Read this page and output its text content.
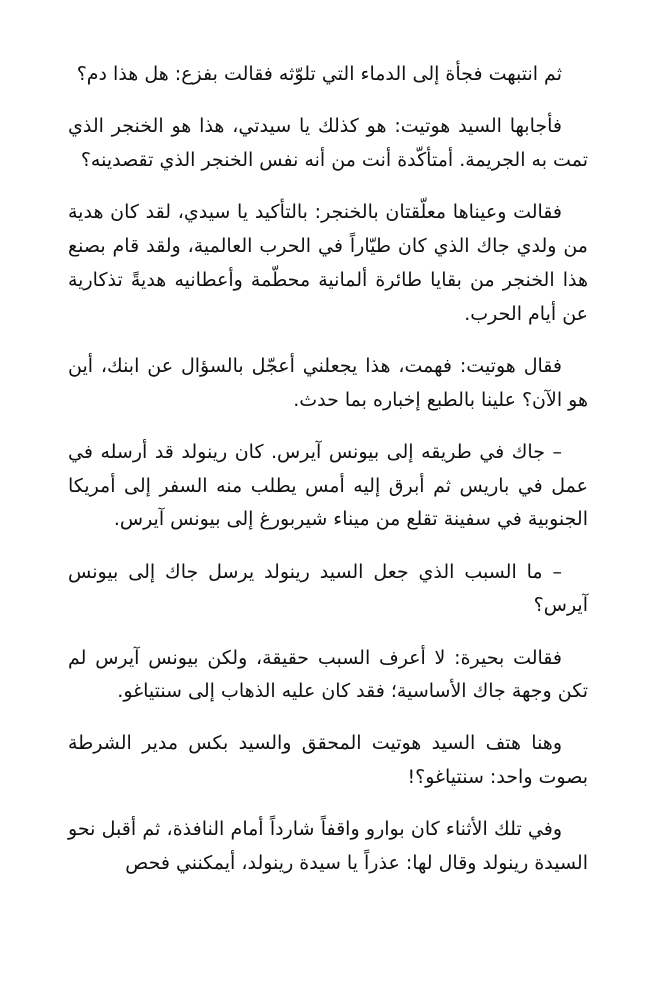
ثم انتبهت فجأة إلى الدماء التي تلوّثه فقالت بفزع: هل هذا دم؟

فأجابها السيد هوتيت: هو كذلك يا سيدتي، هذا هو الخنجر الذي تمت به الجريمة. أمتأكّدة أنت من أنه نفس الخنجر الذي تقصدينه؟

فقالت وعيناها معلّقتان بالخنجر: بالتأكيد يا سيدي، لقد كان هدية من ولدي جاك الذي كان طيّاراً في الحرب العالمية، ولقد قام بصنع هذا الخنجر من بقايا طائرة ألمانية محطّمة وأعطانيه هديةً تذكارية عن أيام الحرب.

فقال هوتيت: فهمت، هذا يجعلني أعجّل بالسؤال عن ابنك، أين هو الآن؟ علينا بالطبع إخباره بما حدث.

– جاك في طريقه إلى بيونس آيرس. كان رينولد قد أرسله في عمل في باريس ثم أبرق إليه أمس يطلب منه السفر إلى أمريكا الجنوبية في سفينة تقلع من ميناء شيربورغ إلى بيونس آيرس.

– ما السبب الذي جعل السيد رينولد يرسل جاك إلى بيونس آيرس؟

فقالت بحيرة: لا أعرف السبب حقيقة، ولكن بيونس آيرس لم تكن وجهة جاك الأساسية؛ فقد كان عليه الذهاب إلى سنتياغو.

وهنا هتف السيد هوتيت المحقق والسيد بكس مدير الشرطة بصوت واحد: سنتياغو؟!

وفي تلك الأثناء كان بوارو واقفاً شارداً أمام النافذة، ثم أقبل نحو السيدة رينولد وقال لها: عذراً يا سيدة رينولد، أيمكنني فحص
